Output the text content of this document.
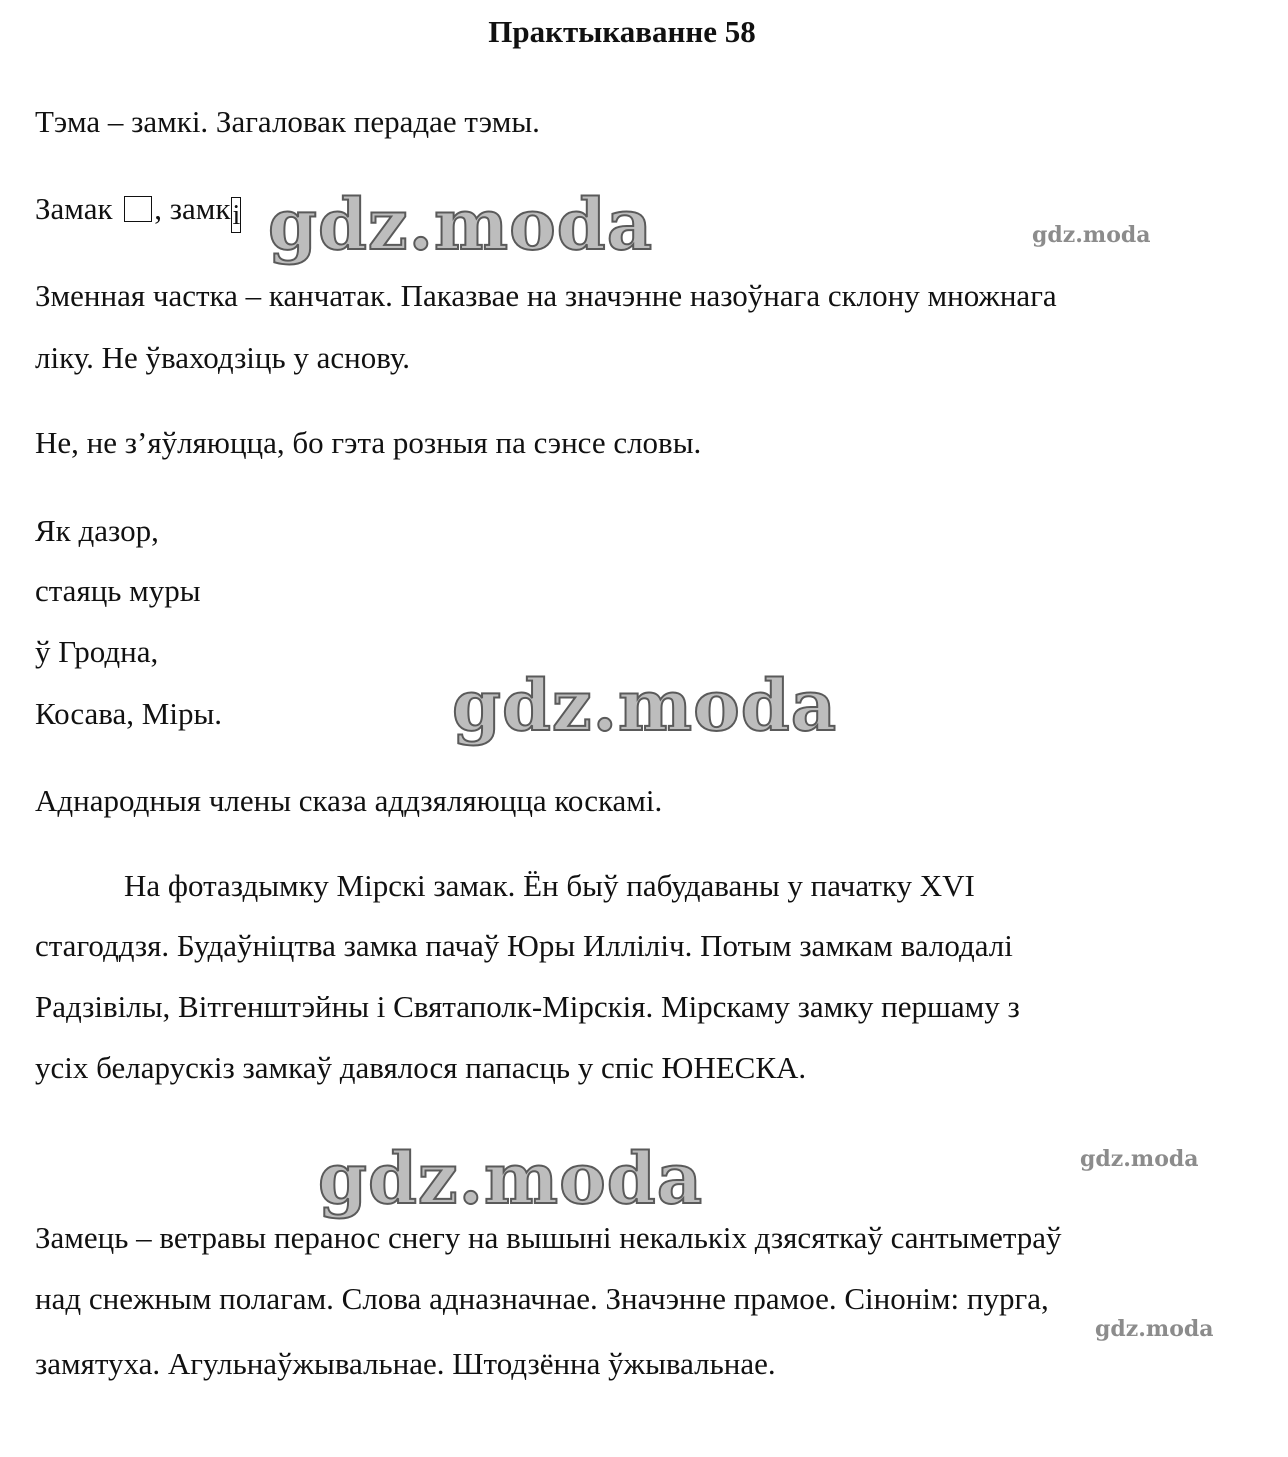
Практыкаванне 58
Тэма – замкі. Загаловак перадае тэмы.
Замак , замкі
Зменная частка – канчатак. Паказвае на значэнне назоўнага склону множнага
ліку. Не ўваходзіць у аснову.
Не, не з’яўляюцца, бо гэта розныя па сэнсе словы.
Як дазор,
стаяць муры
ў Гродна,
Косава, Міры.
Аднародныя члены сказа аддзяляюцца коскамі.
На фотаздымку Мірскі замак. Ён быў пабудаваны у пачатку XVI
стагоддзя. Будаўніцтва замка пачаў Юры Илліліч. Потым замкам валодалі
Радзівілы, Вітгенштэйны і Святаполк-Мірскія. Мірскаму замку першаму з
усіх беларускіз замкаў давялося папасць у спіс ЮНЕСКА.
Замець – ветравы перанос снегу на вышыні некалькіх дзясяткаў сантыметраў
над снежным полагам. Слова адназначнае. Значэнне прамое. Сінонім: пурга,
замятуха. Агульнаўжывальнае. Штодзённа ўжывальнае.
gdz.moda
gdz.moda
gdz.moda
gdz.moda
gdz.moda
gdz.moda
